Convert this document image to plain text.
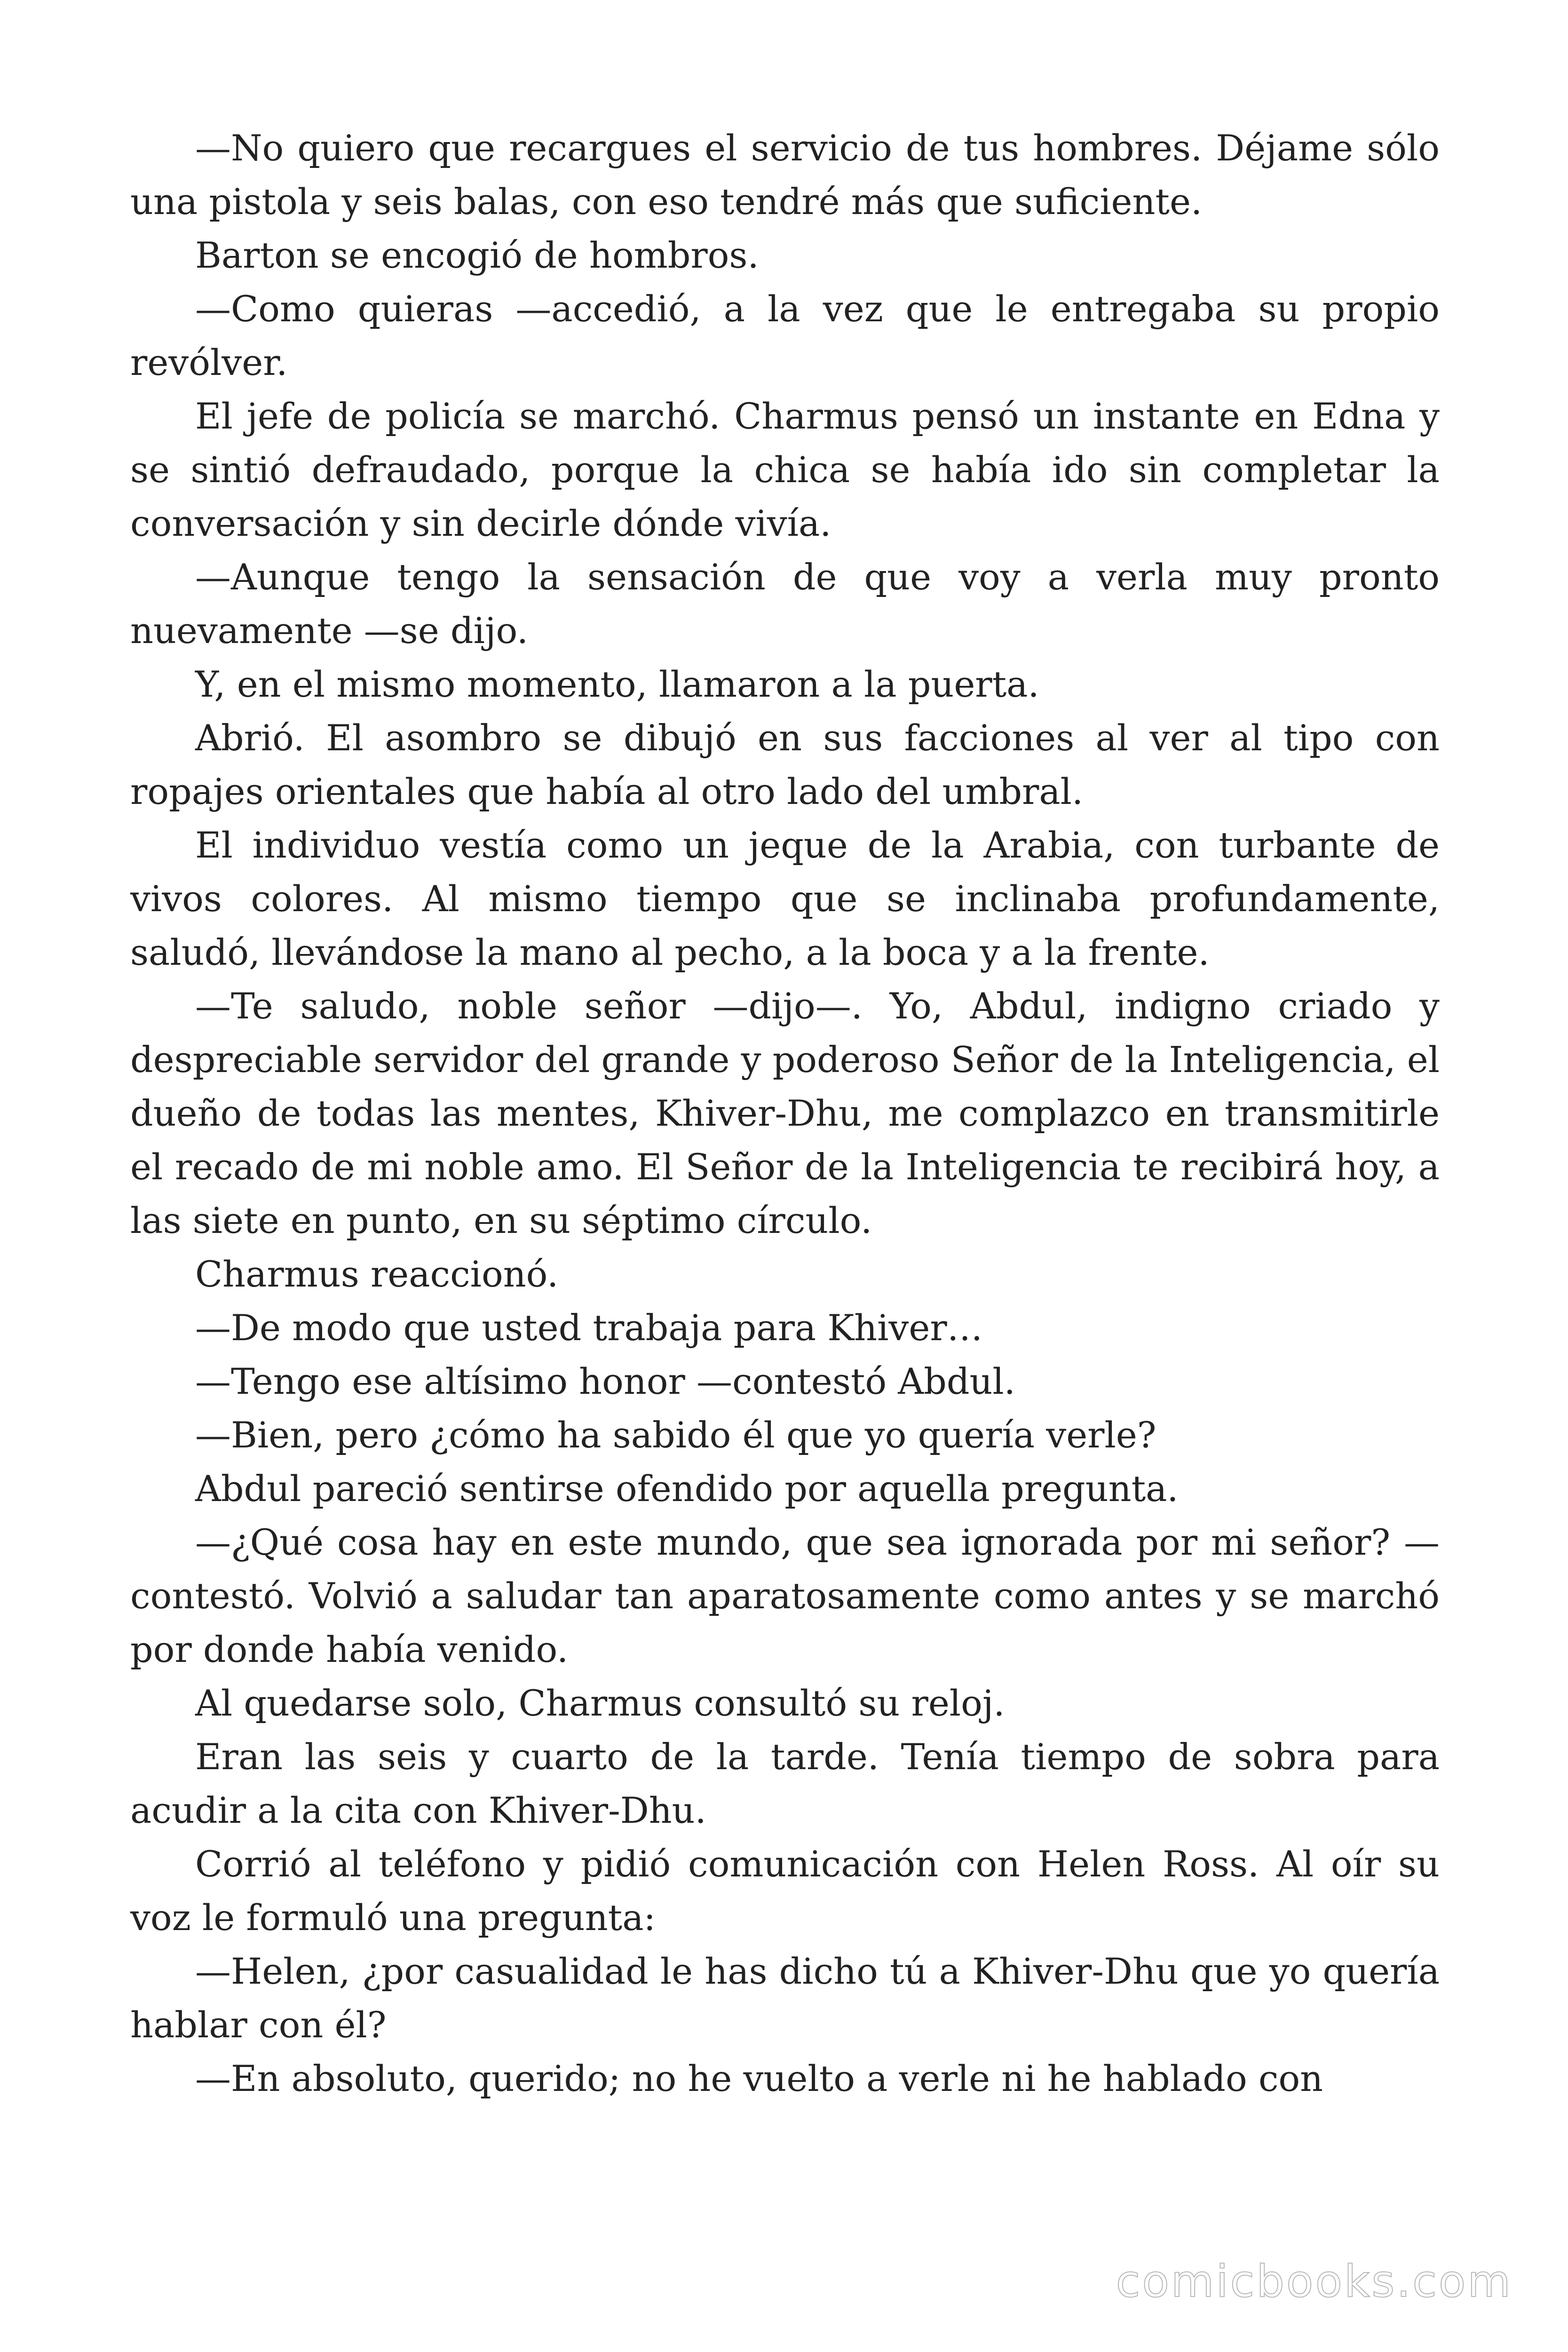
—No quiero que recargues el servicio de tus hombres. Déjame sólo una pistola y seis balas, con eso tendré más que suficiente.

Barton se encogió de hombros.

—Como quieras —accedió, a la vez que le entregaba su propio revólver.

El jefe de policía se marchó. Charmus pensó un instante en Edna y se sintió defraudado, porque la chica se había ido sin completar la conversación y sin decirle dónde vivía.

—Aunque tengo la sensación de que voy a verla muy pronto nuevamente —se dijo.

Y, en el mismo momento, llamaron a la puerta.

Abrió. El asombro se dibujó en sus facciones al ver al tipo con ropajes orientales que había al otro lado del umbral.

El individuo vestía como un jeque de la Arabia, con turbante de vivos colores. Al mismo tiempo que se inclinaba profundamente, saludó, llevándose la mano al pecho, a la boca y a la frente.

—Te saludo, noble señor —dijo—. Yo, Abdul, indigno criado y despreciable servidor del grande y poderoso Señor de la Inteligencia, el dueño de todas las mentes, Khiver-Dhu, me complazco en transmitirle el recado de mi noble amo. El Señor de la Inteligencia te recibirá hoy, a las siete en punto, en su séptimo círculo.

Charmus reaccionó.

—De modo que usted trabaja para Khiver…

—Tengo ese altísimo honor —contestó Abdul.

—Bien, pero ¿cómo ha sabido él que yo quería verle?

Abdul pareció sentirse ofendido por aquella pregunta.

—¿Qué cosa hay en este mundo, que sea ignorada por mi señor? —contestó. Volvió a saludar tan aparatosamente como antes y se marchó por donde había venido.

Al quedarse solo, Charmus consultó su reloj.

Eran las seis y cuarto de la tarde. Tenía tiempo de sobra para acudir a la cita con Khiver-Dhu.

Corrió al teléfono y pidió comunicación con Helen Ross. Al oír su voz le formuló una pregunta:

—Helen, ¿por casualidad le has dicho tú a Khiver-Dhu que yo quería hablar con él?

—En absoluto, querido; no he vuelto a verle ni he hablado con

comicbooks.com
